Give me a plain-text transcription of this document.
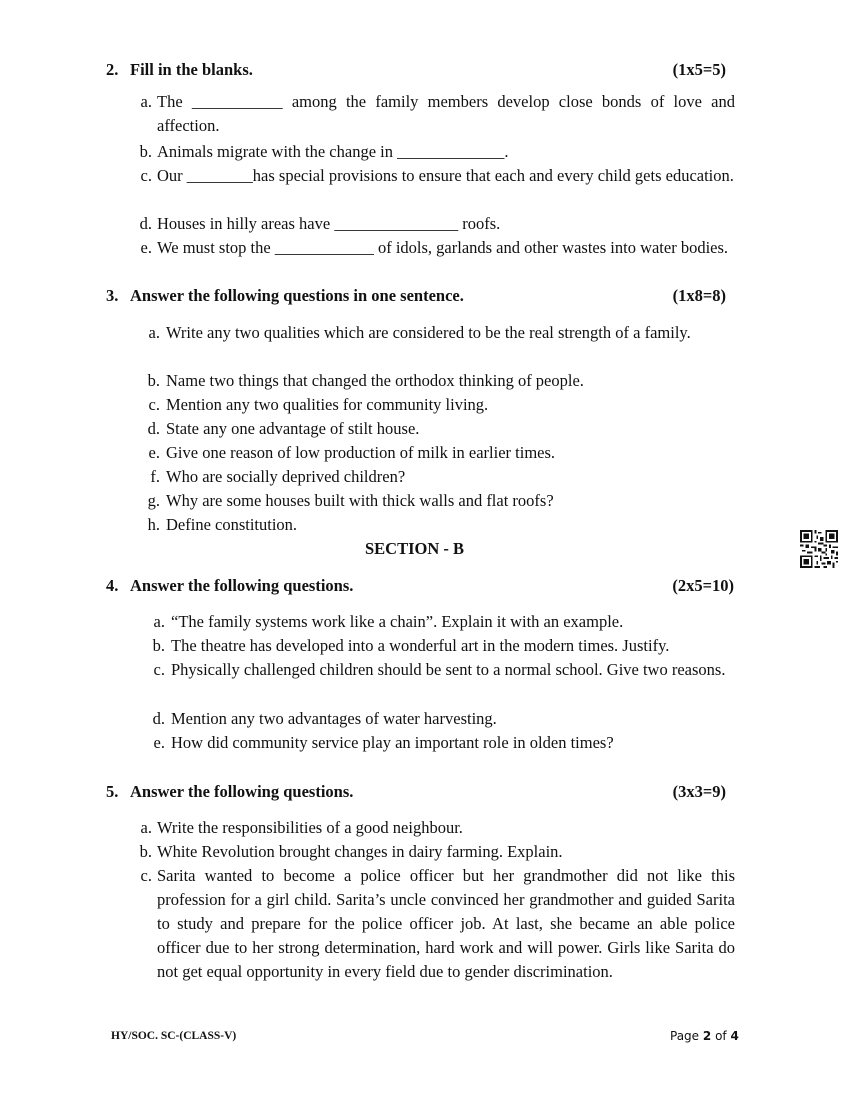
2. Fill in the blanks.	(1x5=5)
a. The ___________ among the family members develop close bonds of love and affection.
b. Animals migrate with the change in _____________.
c. Our ________has special provisions to ensure that each and every child gets education.
d. Houses in hilly areas have _______________ roofs.
e. We must stop the ____________ of idols, garlands and other wastes into water bodies.
3. Answer the following questions in one sentence.	(1x8=8)
a. Write any two qualities which are considered to be the real strength of a family.
b. Name two things that changed the orthodox thinking of people.
c. Mention any two qualities for community living.
d. State any one advantage of stilt house.
e. Give one reason of low production of milk in earlier times.
f. Who are socially deprived children?
g. Why are some houses built with thick walls and flat roofs?
h. Define constitution.
SECTION - B
4. Answer the following questions.	(2x5=10)
a. “The family systems work like a chain”. Explain it with an example.
b. The theatre has developed into a wonderful art in the modern times. Justify.
c. Physically challenged children should be sent to a normal school. Give two reasons.
d. Mention any two advantages of water harvesting.
e. How did community service play an important role in olden times?
5. Answer the following questions.	(3x3=9)
a. Write the responsibilities of a good neighbour.
b. White Revolution brought changes in dairy farming. Explain.
c. Sarita wanted to become a police officer but her grandmother did not like this profession for a girl child. Sarita’s uncle convinced her grandmother and guided Sarita to study and prepare for the police officer job. At last, she became an able police officer due to her strong determination, hard work and will power. Girls like Sarita do not get equal opportunity in every field due to gender discrimination.
HY/SOC. SC-(CLASS-V)	Page 2 of 4
